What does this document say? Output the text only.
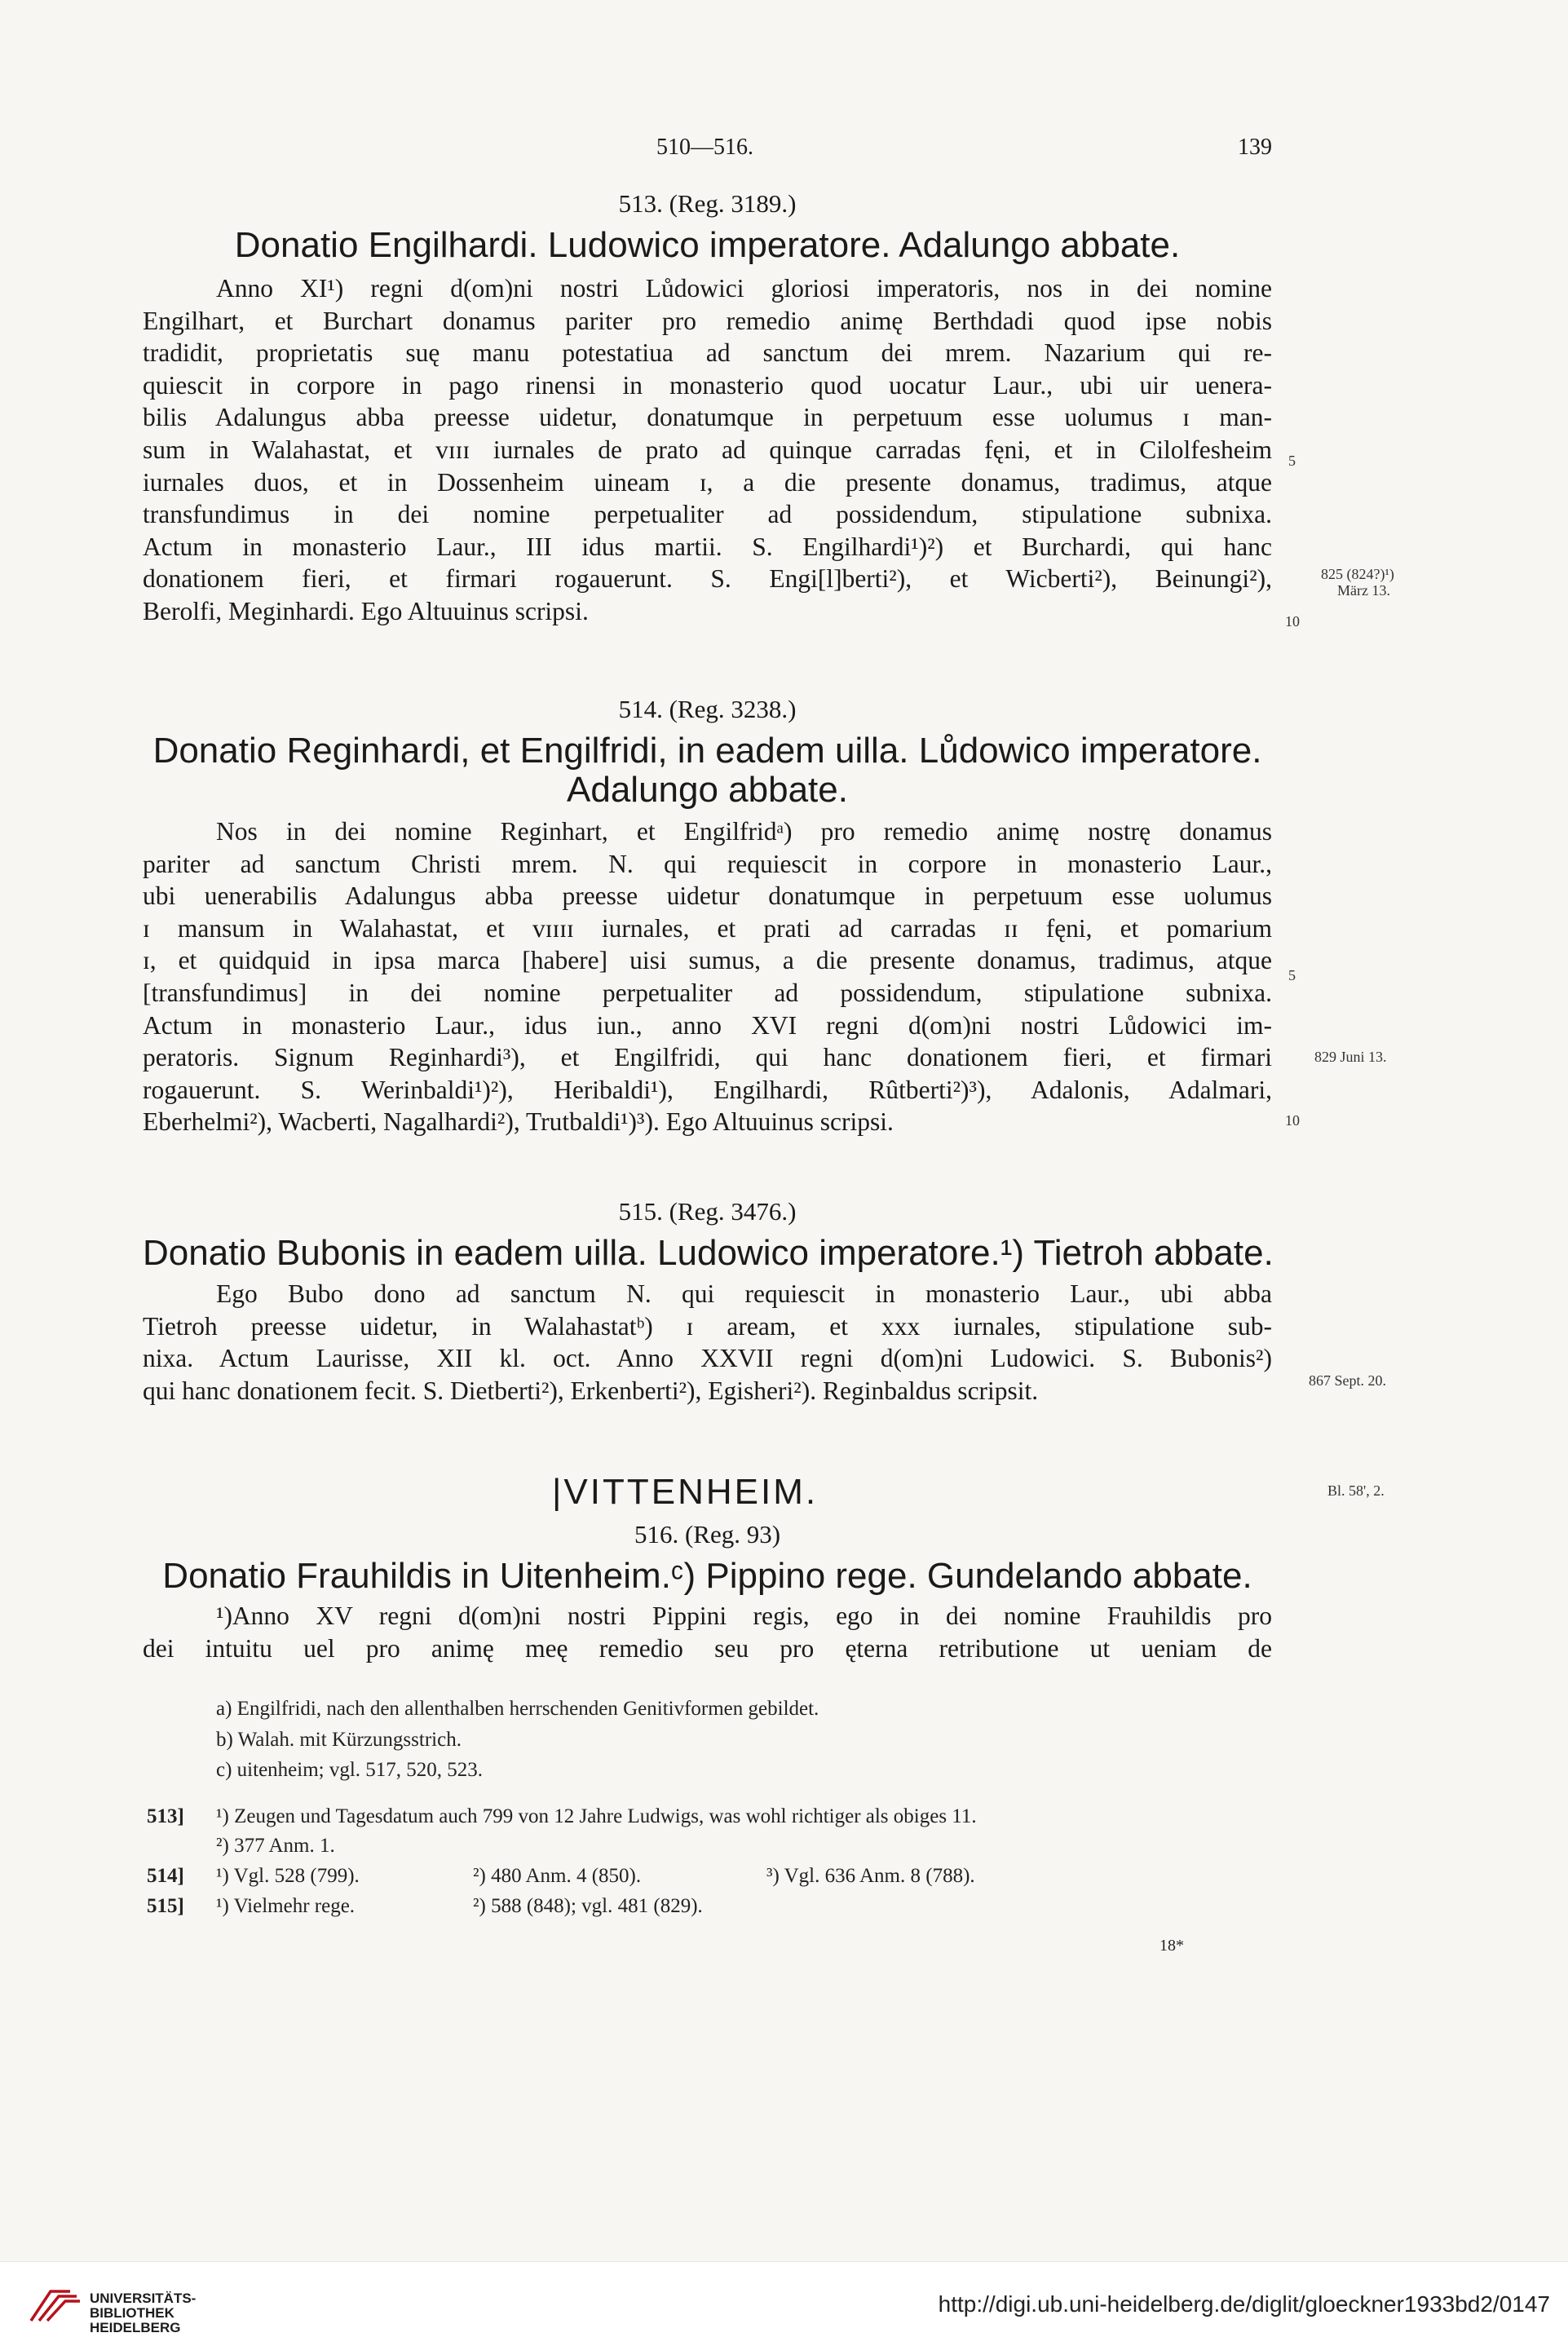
510—516.	139
513. (Reg. 3189.)
Donatio Engilhardi. Ludowico imperatore. Adalungo abbate.
Anno XI¹) regni d(om)ni nostri Lůdowici gloriosi imperatoris, nos in dei nomine
Engilhart, et Burchart donamus pariter pro remedio animę Berthdadi quod ipse nobis
tradidit, proprietatis suę manu potestatiua ad sanctum dei mrem. Nazarium qui re-
quiescit in corpore in pago rinensi in monasterio quod uocatur Laur., ubi uir uenera-
bilis Adalungus abba preesse uidetur, donatumque in perpetuum esse uolumus ɪ man-
sum in Walahastat, et ᴠɪɪɪ iurnales de prato ad quinque carradas fęni, et in Cilolfesheim
iurnales duos, et in Dossenheim uineam ɪ, a die presente donamus, tradimus, atque
transfundimus in dei nomine perpetualiter ad possidendum, stipulatione subnixa.
Actum in monasterio Laur., III idus martii. S. Engilhardi¹)²) et Burchardi, qui hanc
donationem fieri, et firmari rogauerunt. S. Engi[l]berti²), et Wicberti²), Beinungi²),
Berolfi, Meginhardi. Ego Altuuinus scripsi.
5
10
825 (824?)¹)
März 13.
514. (Reg. 3238.)
Donatio Reginhardi, et Engilfridi, in eadem uilla. Lůdowico imperatore.
Adalungo abbate.
Nos in dei nomine Reginhart, et Engilfridᵃ) pro remedio animę nostrę donamus
pariter ad sanctum Christi mrem. N. qui requiescit in corpore in monasterio Laur.,
ubi uenerabilis Adalungus abba preesse uidetur donatumque in perpetuum esse uolumus
ɪ mansum in Walahastat, et ᴠɪɪɪɪ iurnales, et prati ad carradas ɪɪ fęni, et pomarium
ɪ, et quidquid in ipsa marca [habere] uisi sumus, a die presente donamus, tradimus, atque
[transfundimus] in dei nomine perpetualiter ad possidendum, stipulatione subnixa.
Actum in monasterio Laur., idus iun., anno XVI regni d(om)ni nostri Lůdowici im-
peratoris. Signum Reginhardi³), et Engilfridi, qui hanc donationem fieri, et firmari
rogauerunt. S. Werinbaldi¹)²), Heribaldi¹), Engilhardi, Rûtberti²)³), Adalonis, Adalmari,
Eberhelmi²), Wacberti, Nagalhardi²), Trutbaldi¹)³). Ego Altuuinus scripsi.
5
10
829 Juni 13.
515. (Reg. 3476.)
Donatio Bubonis in eadem uilla. Ludowico imperatore.¹) Tietroh abbate.
Ego Bubo dono ad sanctum N. qui requiescit in monasterio Laur., ubi abba
Tietroh preesse uidetur, in Walahastatᵇ) ɪ aream, et xxx iurnales, stipulatione sub-
nixa. Actum Laurisse, XII kl. oct. Anno XXVII regni d(om)ni Ludowici. S. Bubonis²)
qui hanc donationem fecit. S. Dietberti²), Erkenberti²), Egisheri²). Reginbaldus scripsit.	867 Sept. 20.
|VITTENHEIM.	Bl. 58', 2.
516. (Reg. 93)
Donatio Frauhildis in Uitenheim.ᶜ) Pippino rege. Gundelando abbate.
¹)Anno XV regni d(om)ni nostri Pippini regis, ego in dei nomine Frauhildis pro
dei intuitu uel pro animę meę remedio seu pro ęterna retributione ut ueniam de
a) Engilfridi, nach den allenthalben herrschenden Genitivformen gebildet.
b) Walah. mit Kürzungsstrich.
c) uitenheim; vgl. 517, 520, 523.
513] ¹) Zeugen und Tagesdatum auch 799 von 12 Jahre Ludwigs, was wohl richtiger als obiges 11.
²) 377 Anm. 1.
514] ¹) Vgl. 528 (799).	²) 480 Anm. 4 (850).	³) Vgl. 636 Anm. 8 (788).
515] ¹) Vielmehr rege.	²) 588 (848); vgl. 481 (829).
18*
UNIVERSITÄTS-
BIBLIOTHEK
HEIDELBERG
http://digi.ub.uni-heidelberg.de/diglit/gloeckner1933bd2/0147
